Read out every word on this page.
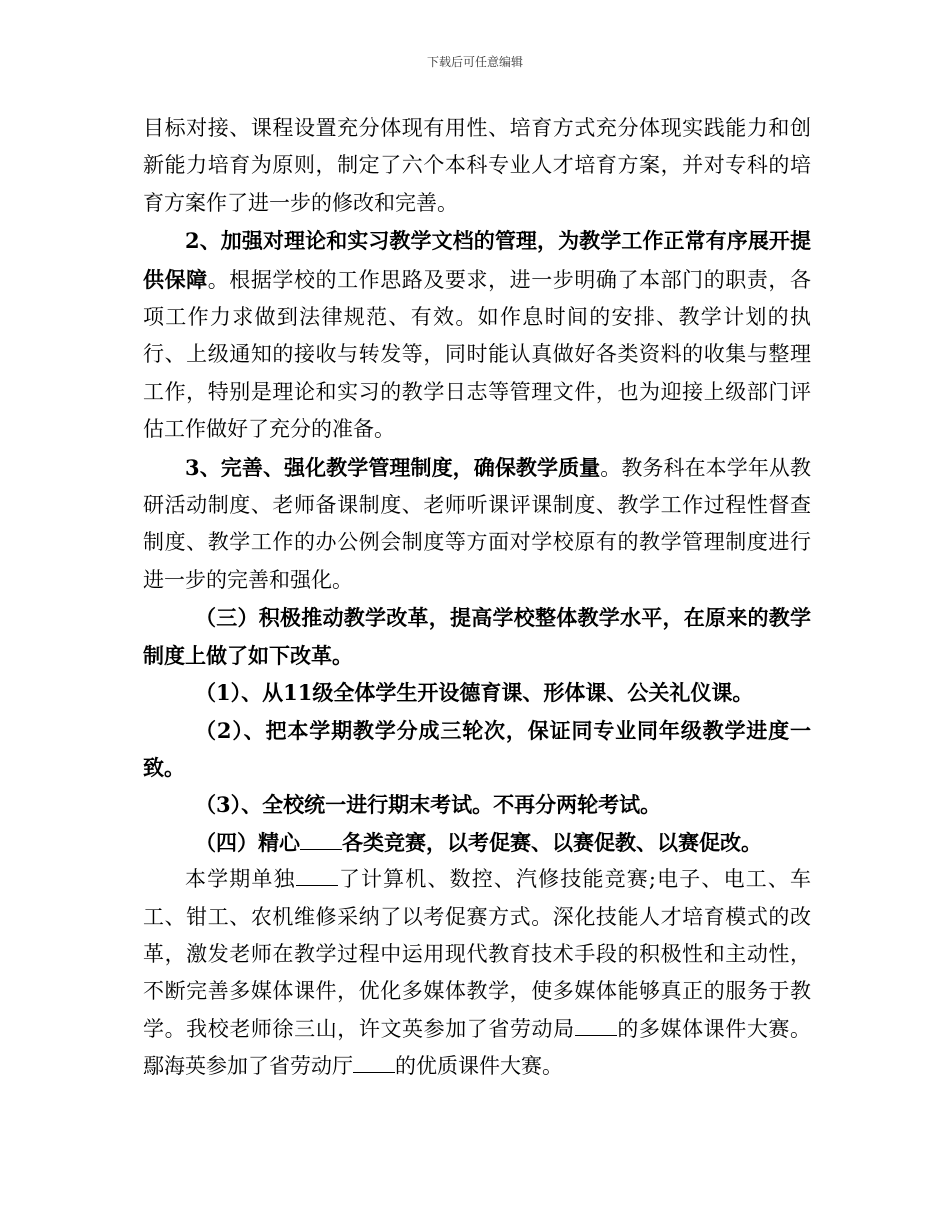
下载后可任意编辑

目标对接、课程设置充分体现有用性、培育方式充分体现实践能力和创新能力培育为原则，制定了六个本科专业人才培育方案，并对专科的培育方案作了进一步的修改和完善。

2、加强对理论和实习教学文档的管理，为教学工作正常有序展开提供保障。根据学校的工作思路及要求，进一步明确了本部门的职责，各项工作力求做到法律规范、有效。如作息时间的安排、教学计划的执行、上级通知的接收与转发等，同时能认真做好各类资料的收集与整理工作，特别是理论和实习的教学日志等管理文件，也为迎接上级部门评估工作做好了充分的准备。

3、完善、强化教学管理制度，确保教学质量。教务科在本学年从教研活动制度、老师备课制度、老师听课评课制度、教学工作过程性督查制度、教学工作的办公例会制度等方面对学校原有的教学管理制度进行进一步的完善和强化。

（三）积极推动教学改革，提高学校整体教学水平，在原来的教学制度上做了如下改革。

（1）、从11级全体学生开设德育课、形体课、公关礼仪课。

（2）、把本学期教学分成三轮次，保证同专业同年级教学进度一致。

（3）、全校统一进行期末考试。不再分两轮考试。

（四）精心 各类竞赛，以考促赛、以赛促教、以赛促改。

本学期单独 了计算机、数控、汽修技能竞赛;电子、电工、车工、钳工、农机维修采纳了以考促赛方式。深化技能人才培育模式的改革，激发老师在教学过程中运用现代教育技术手段的积极性和主动性，不断完善多媒体课件，优化多媒体教学，使多媒体能够真正的服务于教学。我校老师徐三山，许文英参加了省劳动局 的多媒体课件大赛。鄢海英参加了省劳动厅 的优质课件大赛。
